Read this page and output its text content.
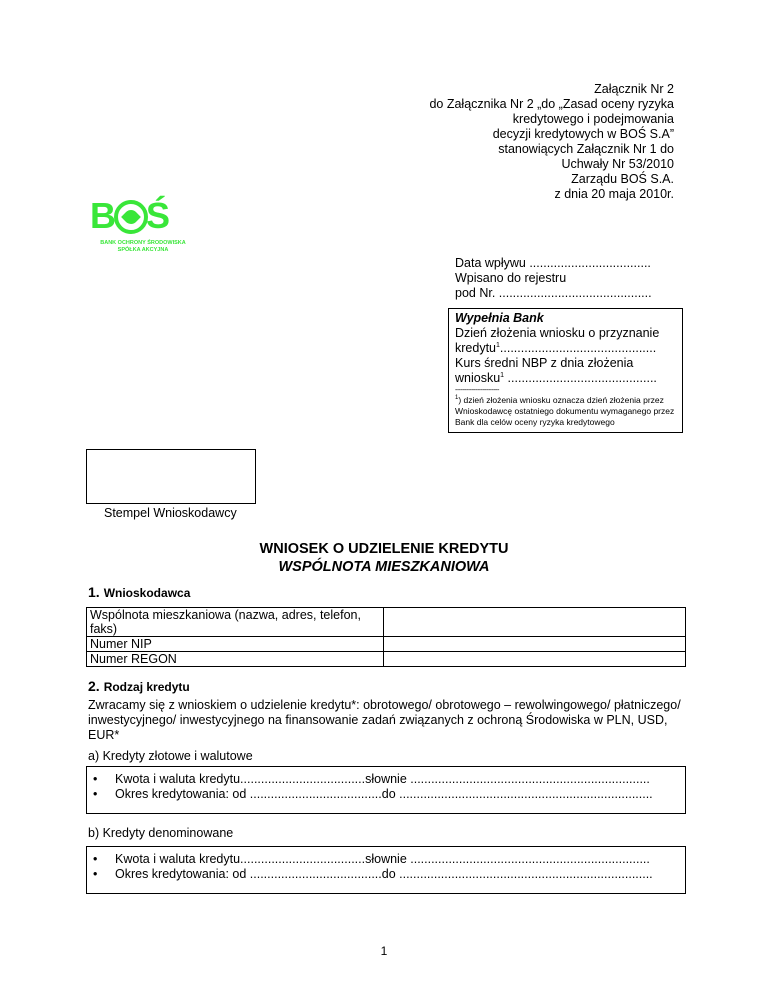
Załącznik Nr 2
do Załącznika Nr 2 „do „Zasad oceny ryzyka
kredytowego i podejmowania
decyzji kredytowych w BOŚ S.A”
stanowiących Załącznik Nr 1 do
Uchwały Nr 53/2010
Zarządu BOŚ S.A.
z dnia 20 maja 2010r.
B Ś
BANK OCHRONY ŚRODOWISKA
SPÓŁKA AKCYJNA
Data wpływu ...................................
Wpisano do rejestru
pod Nr. ............................................
Wypełnia Bank
Dzień złożenia wniosku o przyznanie
kredytu$^1$.............................................
Kurs średni NBP z dnia złożenia
wniosku$^1$ ...........................................
------------------------
$^1$) dzień złożenia wniosku oznacza dzień złożenia przez Wnioskodawcę ostatniego dokumentu wymaganego przez Bank dla celów oceny ryzyka kredytowego
Stempel Wnioskodawcy
WNIOSEK O UDZIELENIE KREDYTU
WSPÓLNOTA MIESZKANIOWA
1. Wnioskodawca
Wspólnota mieszkaniowa (nazwa, adres, telefon, faks)	
Numer NIP	
Numer REGON	
2. Rodzaj kredytu
Zwracamy się z wnioskiem o udzielenie kredytu*: obrotowego/ obrotowego – rewolwingowego/ płatniczego/ inwestycyjnego/ inwestycyjnego na finansowanie zadań związanych z ochroną Środowiska w PLN, USD, EUR*
a) Kredyty złotowe i walutowe
• Kwota i waluta kredytu....................................słownie .....................................................................
• Okres kredytowania: od ......................................do .........................................................................
b) Kredyty denominowane
• Kwota i waluta kredytu....................................słownie .....................................................................
• Okres kredytowania: od ......................................do .........................................................................
1
